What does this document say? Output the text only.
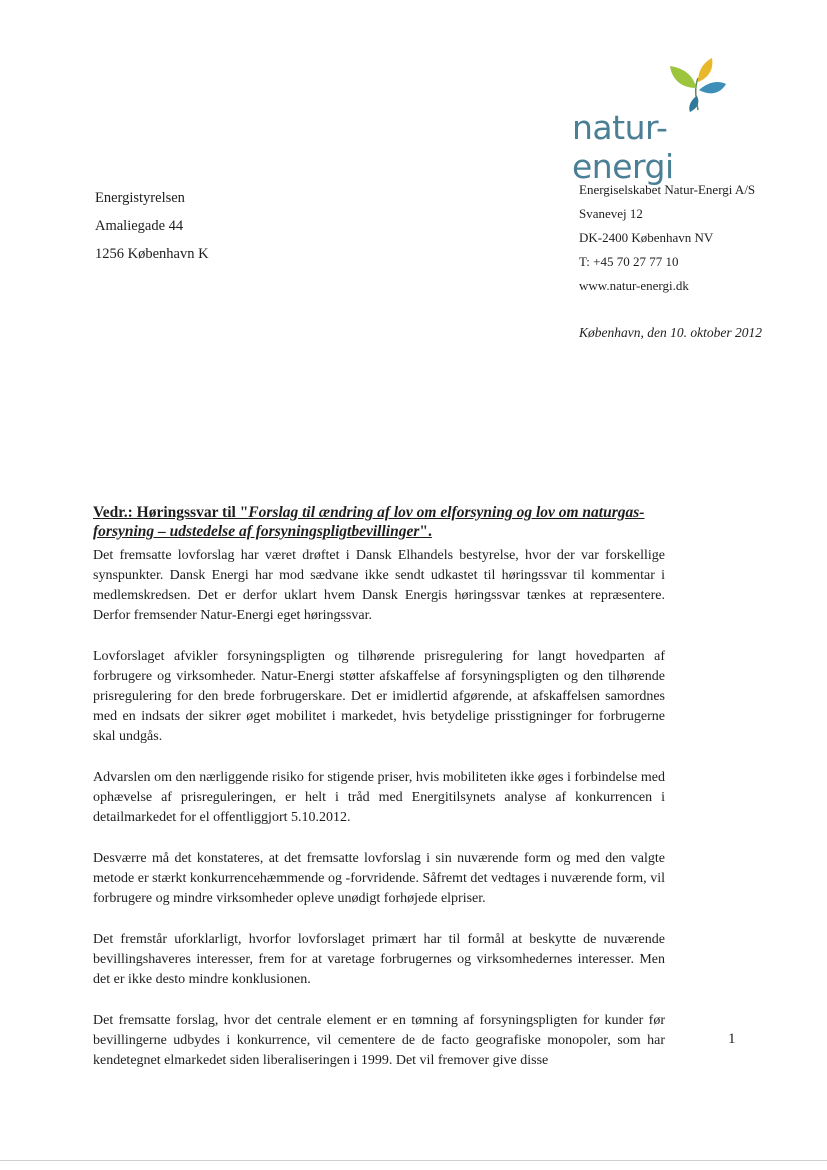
natur-energi
Energistyrelsen
Amaliegade 44
1256 København K
Energiselskabet Natur-Energi A/S
Svanevej 12
DK-2400 København NV
T: +45 70 27 77 10
www.natur-energi.dk
København, den 10. oktober 2012
Vedr.: Høringssvar til "Forslag til ændring af lov om elforsyning og lov om naturgas-forsyning – udstedelse af forsyningspligtbevillinger".

Det fremsatte lovforslag har været drøftet i Dansk Elhandels bestyrelse, hvor der var forskellige synspunkter. Dansk Energi har mod sædvane ikke sendt udkastet til høringssvar til kommentar i medlemskredsen. Det er derfor uklart hvem Dansk Energis høringssvar tænkes at repræsentere. Derfor fremsender Natur-Energi eget høringssvar.

Lovforslaget afvikler forsyningspligten og tilhørende prisregulering for langt hovedparten af forbrugere og virksomheder. Natur-Energi støtter afskaffelse af forsyningspligten og den tilhørende prisregulering for den brede forbrugerskare. Det er imidlertid afgørende, at afskaffelsen samordnes med en indsats der sikrer øget mobilitet i markedet, hvis betydelige prisstigninger for forbrugerne skal undgås.

Advarslen om den nærliggende risiko for stigende priser, hvis mobiliteten ikke øges i forbindelse med ophævelse af prisreguleringen, er helt i tråd med Energitilsynets analyse af konkurrencen i detailmarkedet for el offentliggjort 5.10.2012.

Desværre må det konstateres, at det fremsatte lovforslag i sin nuværende form og med den valgte metode er stærkt konkurrencehæmmende og -forvridende. Såfremt det vedtages i nuværende form, vil forbrugere og mindre virksomheder opleve unødigt forhøjede elpriser.

Det fremstår uforklarligt, hvorfor lovforslaget primært har til formål at beskytte de nuværende bevillingshaveres interesser, frem for at varetage forbrugernes og virksomhedernes interesser. Men det er ikke desto mindre konklusionen.

Det fremsatte forslag, hvor det centrale element er en tømning af forsyningspligten for kunder før bevillingerne udbydes i konkurrence, vil cementere de de facto geografiske monopoler, som har kendetegnet elmarkedet siden liberaliseringen i 1999. Det vil fremover give disse

1
